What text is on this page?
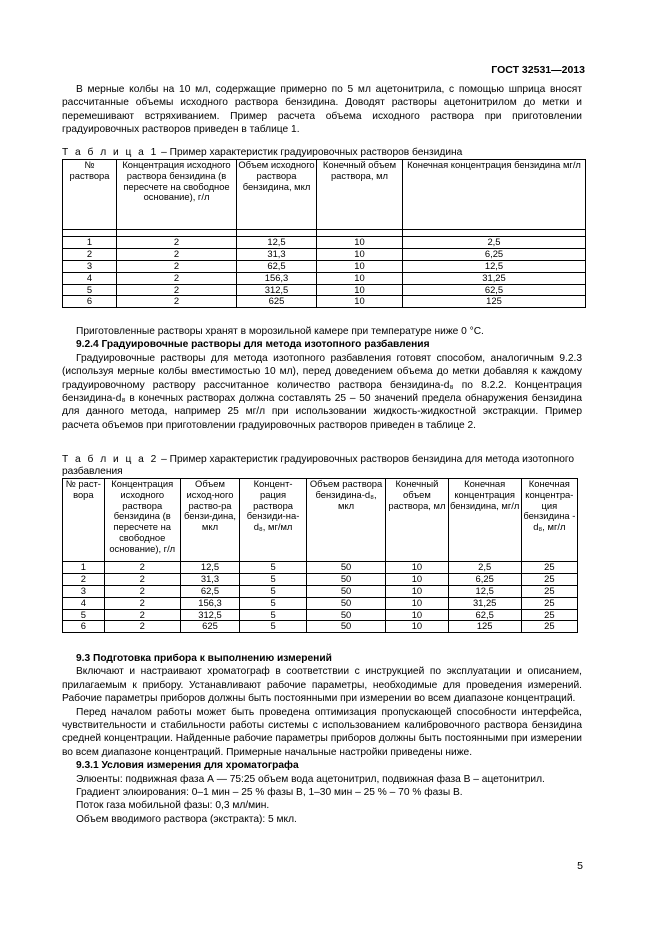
ГОСТ 32531—2013

В мерные колбы на 10 мл, содержащие примерно по 5 мл ацетонитрила, с помощью шприца вносят рассчитанные объемы исходного раствора бензидина. Доводят растворы ацетонитрилом до метки и перемешивают встряхиванием. Пример расчета объема исходного раствора при приготовлении градуировочных растворов приведен в таблице 1.

Т а б л и ц а 1 – Пример характеристик градуировочных растворов бензидина
№ раствора	Концентрация исходного раствора бензидина (в пересчете на свободное основание), г/л	Объем исходного раствора бензидина, мкл	Конечный объем раствора, мл	Конечная концентрация бензидина мг/л

1	2	12,5	10	2,5
2	2	31,3	10	6,25
3	2	62,5	10	12,5
4	2	156,3	10	31,25
5	2	312,5	10	62,5
6	2	625	10	125

Приготовленные растворы хранят в морозильной камере при температуре ниже 0 °С.

9.2.4 Градуировочные растворы для метода изотопного разбавления

Градуировочные растворы для метода изотопного разбавления готовят способом, аналогичным 9.2.3 (используя мерные колбы вместимостью 10 мл), перед доведением объема до метки добавляя к каждому градуировочному раствору рассчитанное количество раствора бензидина-d₈ по 8.2.2. Концентрация бензидина-d₈ в конечных растворах должна составлять 25 – 50 значений предела обнаружения бензидина для данного метода, например 25 мг/л при использовании жидкость-жидкостной экстракции. Пример расчета объемов при приготовлении градуировочных растворов приведен в таблице 2.

Т а б л и ц а 2 – Пример характеристик градуировочных растворов бензидина для метода изотопного разбавления
№ раст-вора	Концентрация исходного раствора бензидина (в пересчете на свободное основание), г/л	Объем исход-ного раство-ра бензи-дина, мкл	Концент-рация раствора бензиди-на-d₈, мг/мл	Объем раствора бензидина-d₈, мкл	Конечный объем раствора, мл	Конечная концентрация бензидина, мг/л	Конечная концентра-ция бензидина -d₈, мг/л
1	2	12,5	5	50	10	2,5	25
2	2	31,3	5	50	10	6,25	25
3	2	62,5	5	50	10	12,5	25
4	2	156,3	5	50	10	31,25	25
5	2	312,5	5	50	10	62,5	25
6	2	625	5	50	10	125	25

9.3 Подготовка прибора к выполнению измерений

Включают и настраивают хроматограф в соответствии с инструкцией по эксплуатации и описанием, прилагаемым к прибору. Устанавливают рабочие параметры, необходимые для проведения измерений. Рабочие параметры приборов должны быть постоянными при измерении во всем диапазоне концентраций.

Перед началом работы может быть проведена оптимизация пропускающей способности интерфейса, чувствительности и стабильности работы системы с использованием калибровочного раствора бензидина средней концентрации. Найденные рабочие параметры приборов должны быть постоянными при измерении во всем диапазоне концентраций. Примерные начальные настройки приведены ниже.

9.3.1 Условия измерения для хроматографа

Элюенты: подвижная фаза А — 75:25 объем вода ацетонитрил, подвижная фаза В – ацетонитрил.

Градиент элюирования: 0–1 мин – 25 % фазы В, 1–30 мин – 25 % – 70 % фазы В.

Поток газа мобильной фазы: 0,3 мл/мин.

Объем вводимого раствора (экстракта): 5 мкл.

5
